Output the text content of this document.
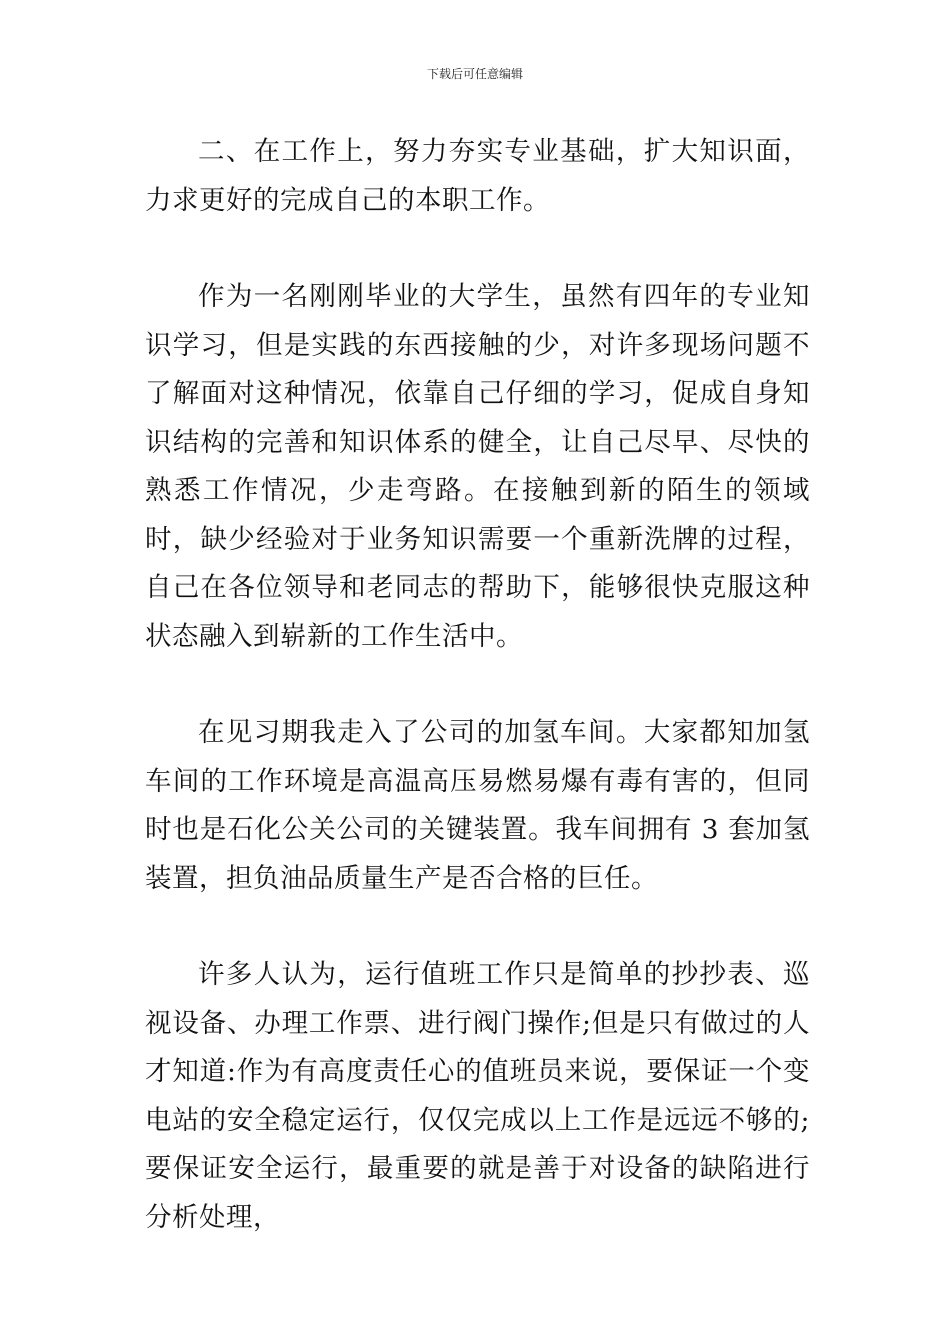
下载后可任意编辑

二、在工作上，努力夯实专业基础，扩大知识面，力求更好的完成自己的本职工作。

作为一名刚刚毕业的大学生，虽然有四年的专业知识学习，但是实践的东西接触的少，对许多现场问题不了解面对这种情况，依靠自己仔细的学习，促成自身知识结构的完善和知识体系的健全，让自己尽早、尽快的熟悉工作情况，少走弯路。在接触到新的陌生的领域时，缺少经验对于业务知识需要一个重新洗牌的过程，自己在各位领导和老同志的帮助下，能够很快克服这种状态融入到崭新的工作生活中。

在见习期我走入了公司的加氢车间。大家都知加氢车间的工作环境是高温高压易燃易爆有毒有害的，但同时也是石化公关公司的关键装置。我车间拥有 3 套加氢装置，担负油品质量生产是否合格的巨任。

许多人认为，运行值班工作只是简单的抄抄表、巡视设备、办理工作票、进行阀门操作;但是只有做过的人才知道:作为有高度责任心的值班员来说，要保证一个变电站的安全稳定运行，仅仅完成以上工作是远远不够的;要保证安全运行，最重要的就是善于对设备的缺陷进行分析处理，
